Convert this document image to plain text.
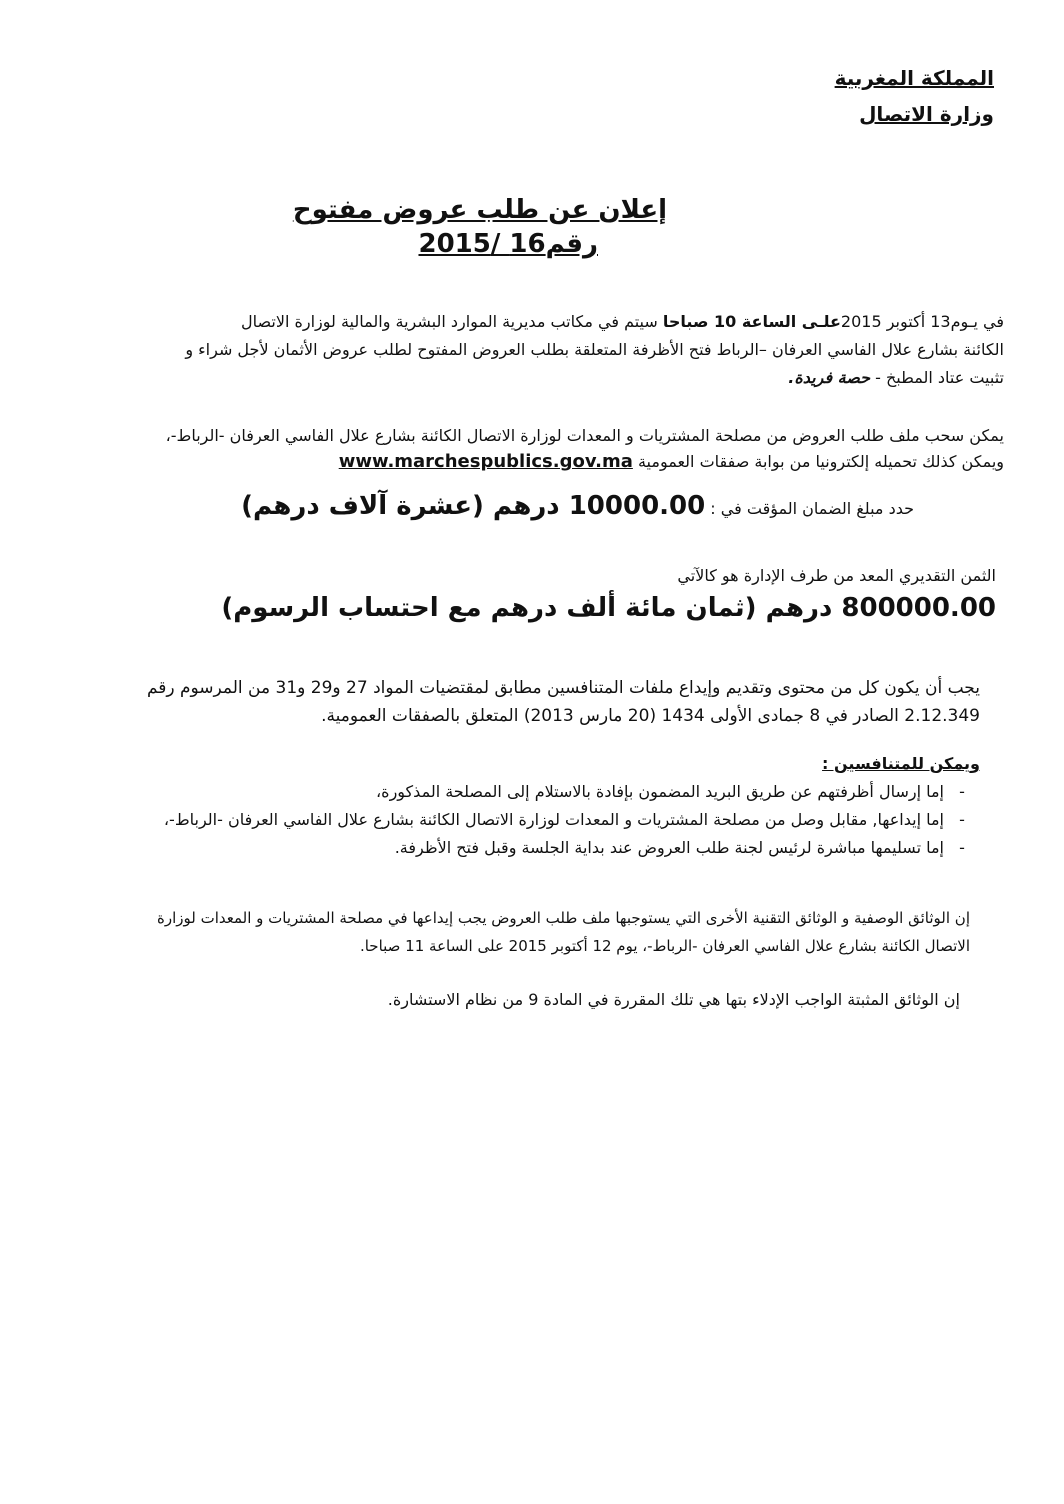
المملكة المغربية
وزارة الاتصال
إعلان عن طلب عروض مفتوح
رقم16 /2015
في يـوم13 أكتوبر 2015علـى الساعة 10 صباحا سيتم في مكاتب مديرية الموارد البشرية والمالية لوزارة الاتصال
الكائنة بشارع علال الفاسي العرفان –الرباط فتح الأظرفة المتعلقة بطلب العروض المفتوح لطلب عروض الأثمان لأجل شراء و
تثبيت عتاد المطبخ - حصة فريدة.
يمكن سحب ملف طلب العروض من مصلحة المشتريات و المعدات لوزارة الاتصال الكائنة بشارع علال الفاسي العرفان -الرباط-،
ويمكن كذلك تحميله إلكترونيا من بوابة صفقات العمومية www.marchespublics.gov.ma
حدد مبلغ الضمان المؤقت في : 10000.00 درهم (عشرة آلاف درهم)
الثمن التقديري المعد من طرف الإدارة هو كالآتي
800000.00 درهم (ثمان مائة ألف درهم مع احتساب الرسوم)
يجب أن يكون كل من محتوى وتقديم وإيداع ملفات المتنافسين مطابق لمقتضيات المواد 27 و29 و31 من المرسوم رقم
2.12.349 الصادر في 8 جمادى الأولى 1434 (20 مارس 2013) المتعلق بالصفقات العمومية.
ويمكن للمتنافسين :
-إما إرسال أظرفتهم عن طريق البريد المضمون بإفادة بالاستلام إلى المصلحة المذكورة،
-إما إيداعها, مقابل وصل من مصلحة المشتريات و المعدات لوزارة الاتصال الكائنة بشارع علال الفاسي العرفان -الرباط-،
-إما تسليمها مباشرة لرئيس لجنة طلب العروض عند بداية الجلسة وقبل فتح الأظرفة.
إن الوثائق الوصفية و الوثائق التقنية الأخرى التي يستوجبها ملف طلب العروض يجب إيداعها في مصلحة المشتريات و المعدات لوزارة
الاتصال الكائنة بشارع علال الفاسي العرفان -الرباط-، يوم 12 أكتوبر 2015 على الساعة 11 صباحا.
إن الوثائق المثبتة الواجب الإدلاء بتها هي تلك المقررة في المادة 9 من نظام الاستشارة.
